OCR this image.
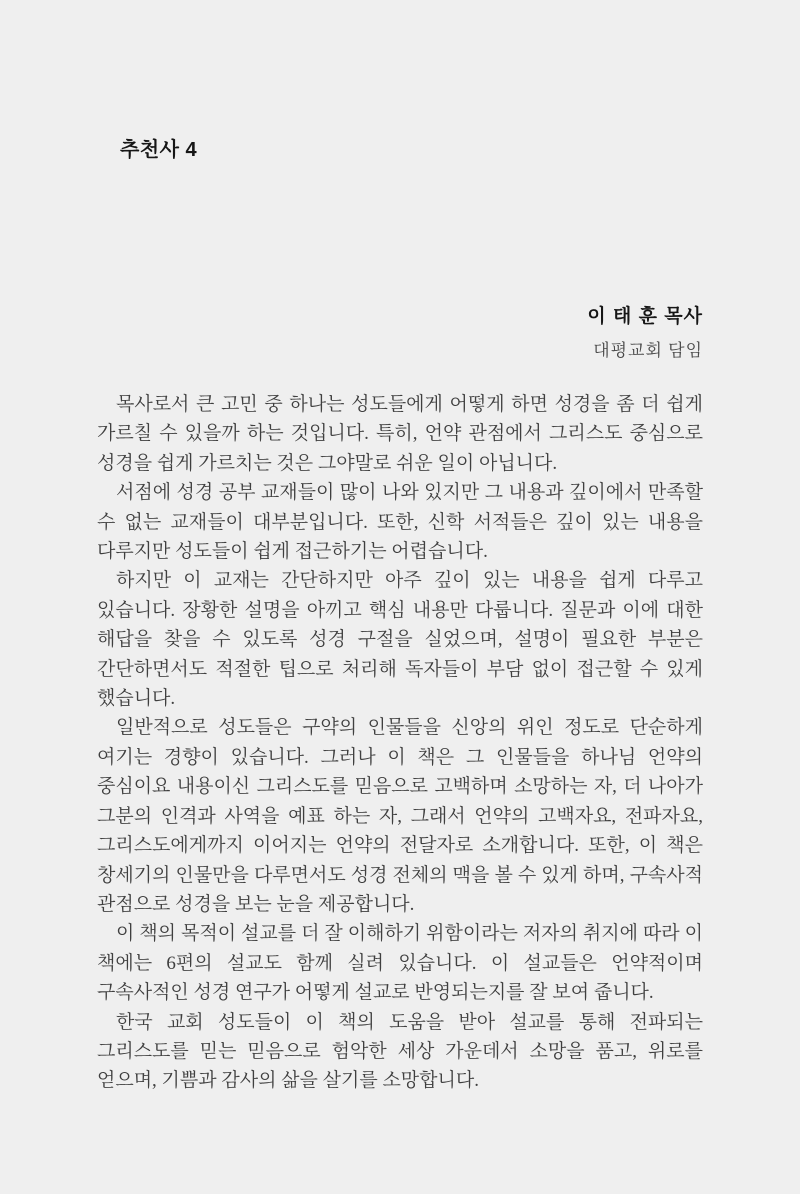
추천사 4
이 태 훈 목사
대평교회 담임

목사로서 큰 고민 중 하나는 성도들에게 어떻게 하면 성경을 좀 더 쉽게 가르칠 수 있을까 하는 것입니다. 특히, 언약 관점에서 그리스도 중심으로 성경을 쉽게 가르치는 것은 그야말로 쉬운 일이 아닙니다.

서점에 성경 공부 교재들이 많이 나와 있지만 그 내용과 깊이에서 만족할 수 없는 교재들이 대부분입니다. 또한, 신학 서적들은 깊이 있는 내용을 다루지만 성도들이 쉽게 접근하기는 어렵습니다.

하지만 이 교재는 간단하지만 아주 깊이 있는 내용을 쉽게 다루고 있습니다. 장황한 설명을 아끼고 핵심 내용만 다룹니다. 질문과 이에 대한 해답을 찾을 수 있도록 성경 구절을 실었으며, 설명이 필요한 부분은 간단하면서도 적절한 팁으로 처리해 독자들이 부담 없이 접근할 수 있게 했습니다.

일반적으로 성도들은 구약의 인물들을 신앙의 위인 정도로 단순하게 여기는 경향이 있습니다. 그러나 이 책은 그 인물들을 하나님 언약의 중심이요 내용이신 그리스도를 믿음으로 고백하며 소망하는 자, 더 나아가 그분의 인격과 사역을 예표 하는 자, 그래서 언약의 고백자요, 전파자요, 그리스도에게까지 이어지는 언약의 전달자로 소개합니다. 또한, 이 책은 창세기의 인물만을 다루면서도 성경 전체의 맥을 볼 수 있게 하며, 구속사적 관점으로 성경을 보는 눈을 제공합니다.

이 책의 목적이 설교를 더 잘 이해하기 위함이라는 저자의 취지에 따라 이 책에는 6편의 설교도 함께 실려 있습니다. 이 설교들은 언약적이며 구속사적인 성경 연구가 어떻게 설교로 반영되는지를 잘 보여 줍니다.

한국 교회 성도들이 이 책의 도움을 받아 설교를 통해 전파되는 그리스도를 믿는 믿음으로 험악한 세상 가운데서 소망을 품고, 위로를 얻으며, 기쁨과 감사의 삶을 살기를 소망합니다.
